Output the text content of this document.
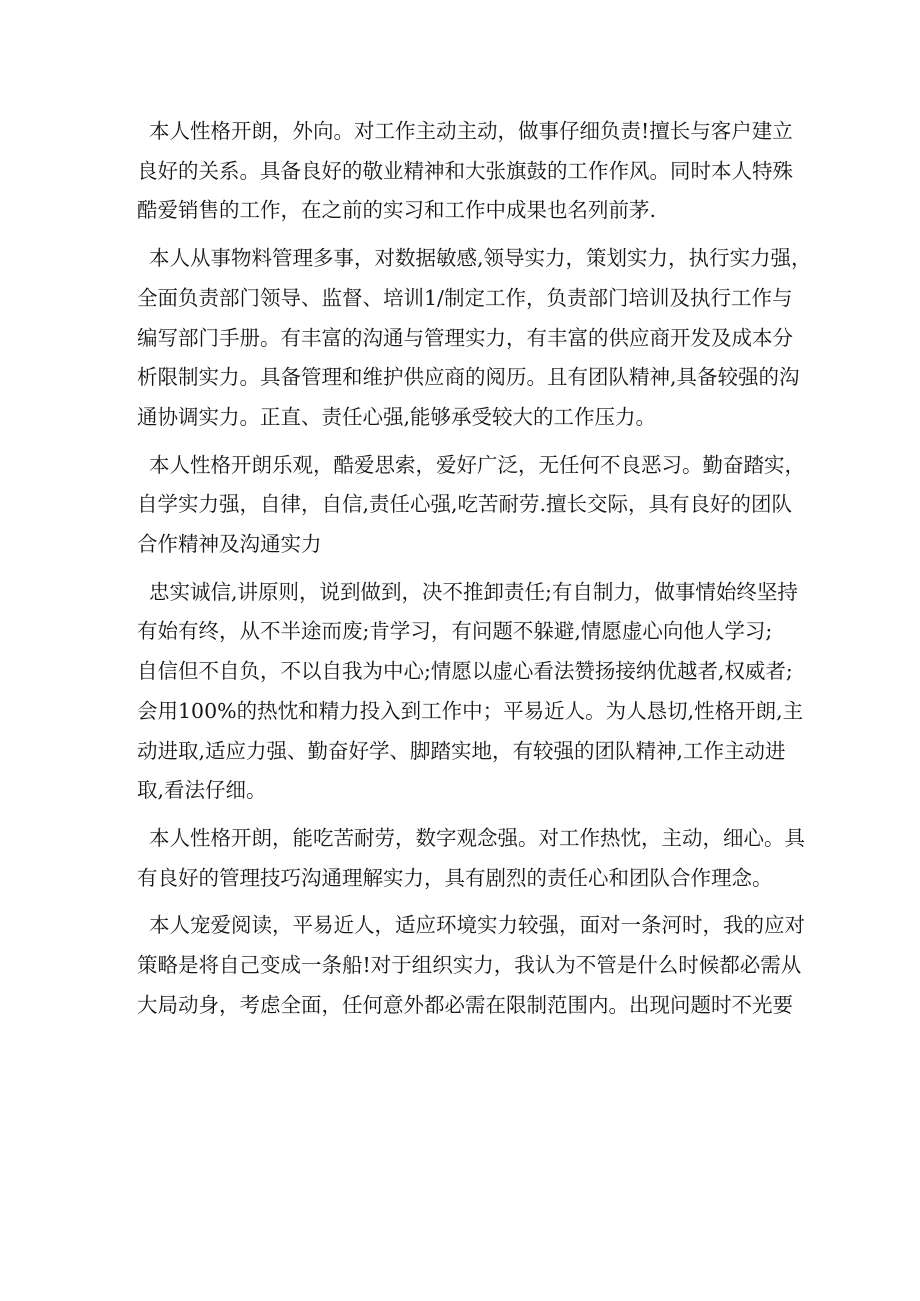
本人性格开朗，外向。对工作主动主动，做事仔细负责!擅长与客户建立
良好的关系。具备良好的敬业精神和大张旗鼓的工作作风。同时本人特殊
酷爱销售的工作，在之前的实习和工作中成果也名列前茅.

本人从事物料管理多事，对数据敏感,领导实力，策划实力，执行实力强，
全面负责部门领导、监督、培训1/制定工作，负责部门培训及执行工作与
编写部门手册。有丰富的沟通与管理实力，有丰富的供应商开发及成本分
析限制实力。具备管理和维护供应商的阅历。且有团队精神,具备较强的沟
通协调实力。正直、责任心强,能够承受较大的工作压力。

本人性格开朗乐观，酷爱思索，爱好广泛，无任何不良恶习。勤奋踏实，
自学实力强，自律，自信,责任心强,吃苦耐劳.擅长交际，具有良好的团队
合作精神及沟通实力

忠实诚信,讲原则，说到做到，决不推卸责任;有自制力，做事情始终坚持
有始有终，从不半途而废;肯学习，有问题不躲避,情愿虚心向他人学习;
自信但不自负，不以自我为中心;情愿以虚心看法赞扬接纳优越者,权威者;
会用100%的热忱和精力投入到工作中；平易近人。为人恳切,性格开朗,主
动进取,适应力强、勤奋好学、脚踏实地，有较强的团队精神,工作主动进
取,看法仔细。

本人性格开朗，能吃苦耐劳，数字观念强。对工作热忱，主动，细心。具
有良好的管理技巧沟通理解实力，具有剧烈的责任心和团队合作理念。

本人宠爱阅读，平易近人，适应环境实力较强，面对一条河时，我的应对
策略是将自己变成一条船!对于组织实力，我认为不管是什么时候都必需从
大局动身，考虑全面，任何意外都必需在限制范围内。出现问题时不光要
